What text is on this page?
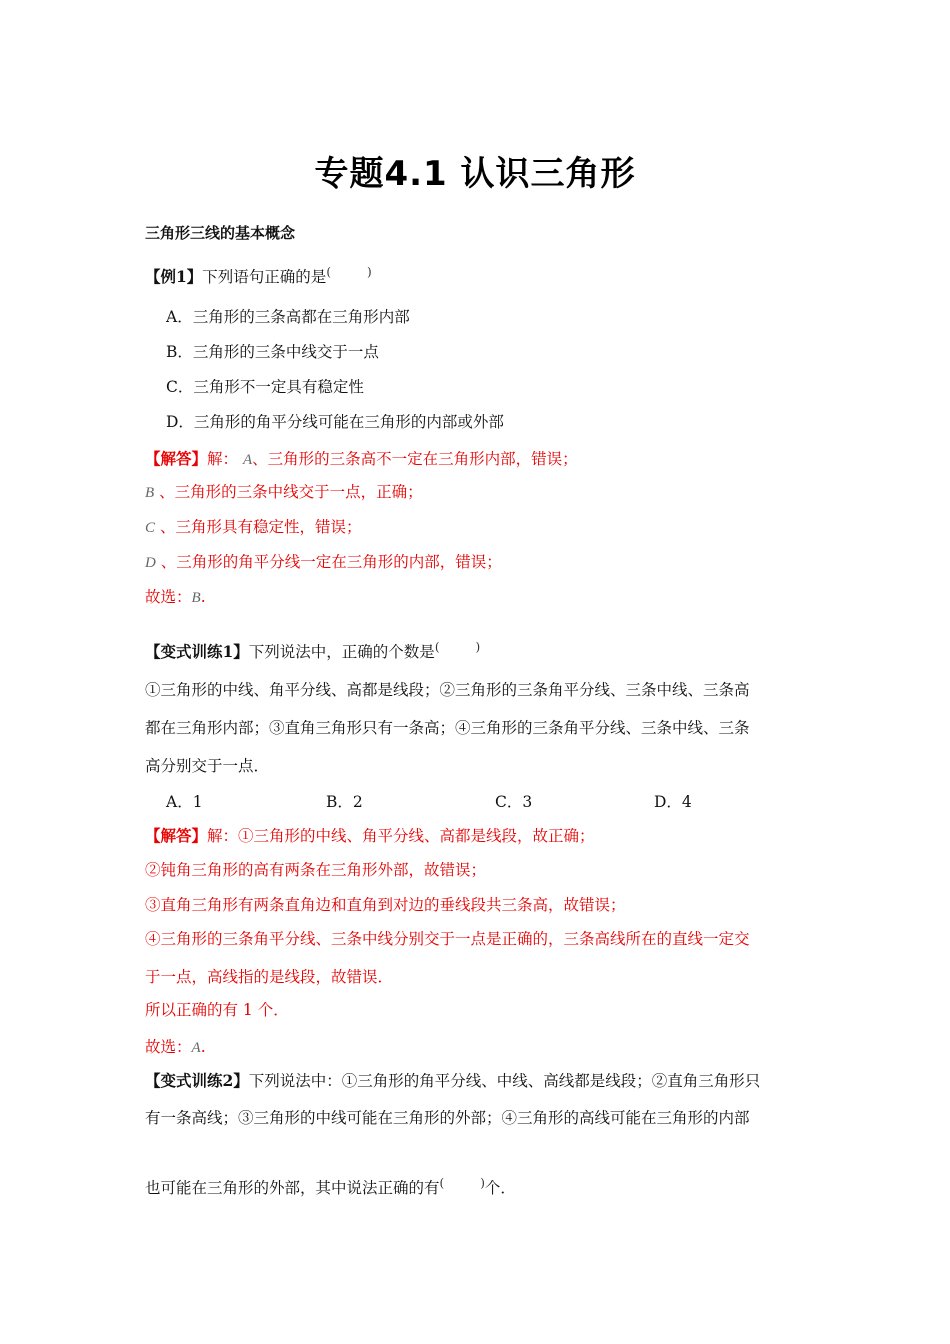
专题4.1 认识三角形
三角形三线的基本概念
【例1】下列语句正确的是(　　　)
A．三角形的三条高都在三角形内部
B．三角形的三条中线交于一点
C．三角形不一定具有稳定性
D．三角形的角平分线可能在三角形的内部或外部
【解答】解： A、三角形的三条高不一定在三角形内部，错误；
B 、三角形的三条中线交于一点，正确；
C 、三角形具有稳定性，错误；
D 、三角形的角平分线一定在三角形的内部，错误；
故选：B.
【变式训练1】下列说法中，正确的个数是(　　　)
①三角形的中线、角平分线、高都是线段；②三角形的三条角平分线、三条中线、三条高
都在三角形内部；③直角三角形只有一条高；④三角形的三条角平分线、三条中线、三条
高分别交于一点．
A．1	B．2	C．3	D．4
【解答】解：①三角形的中线、角平分线、高都是线段，故正确；
②钝角三角形的高有两条在三角形外部，故错误；
③直角三角形有两条直角边和直角到对边的垂线段共三条高，故错误；
④三角形的三条角平分线、三条中线分别交于一点是正确的，三条高线所在的直线一定交
于一点，高线指的是线段，故错误．
所以正确的有 1 个．
故选：A.
【变式训练2】下列说法中：①三角形的角平分线、中线、高线都是线段；②直角三角形只
有一条高线；③三角形的中线可能在三角形的外部；④三角形的高线可能在三角形的内部
也可能在三角形的外部，其中说法正确的有(　　　)个．
